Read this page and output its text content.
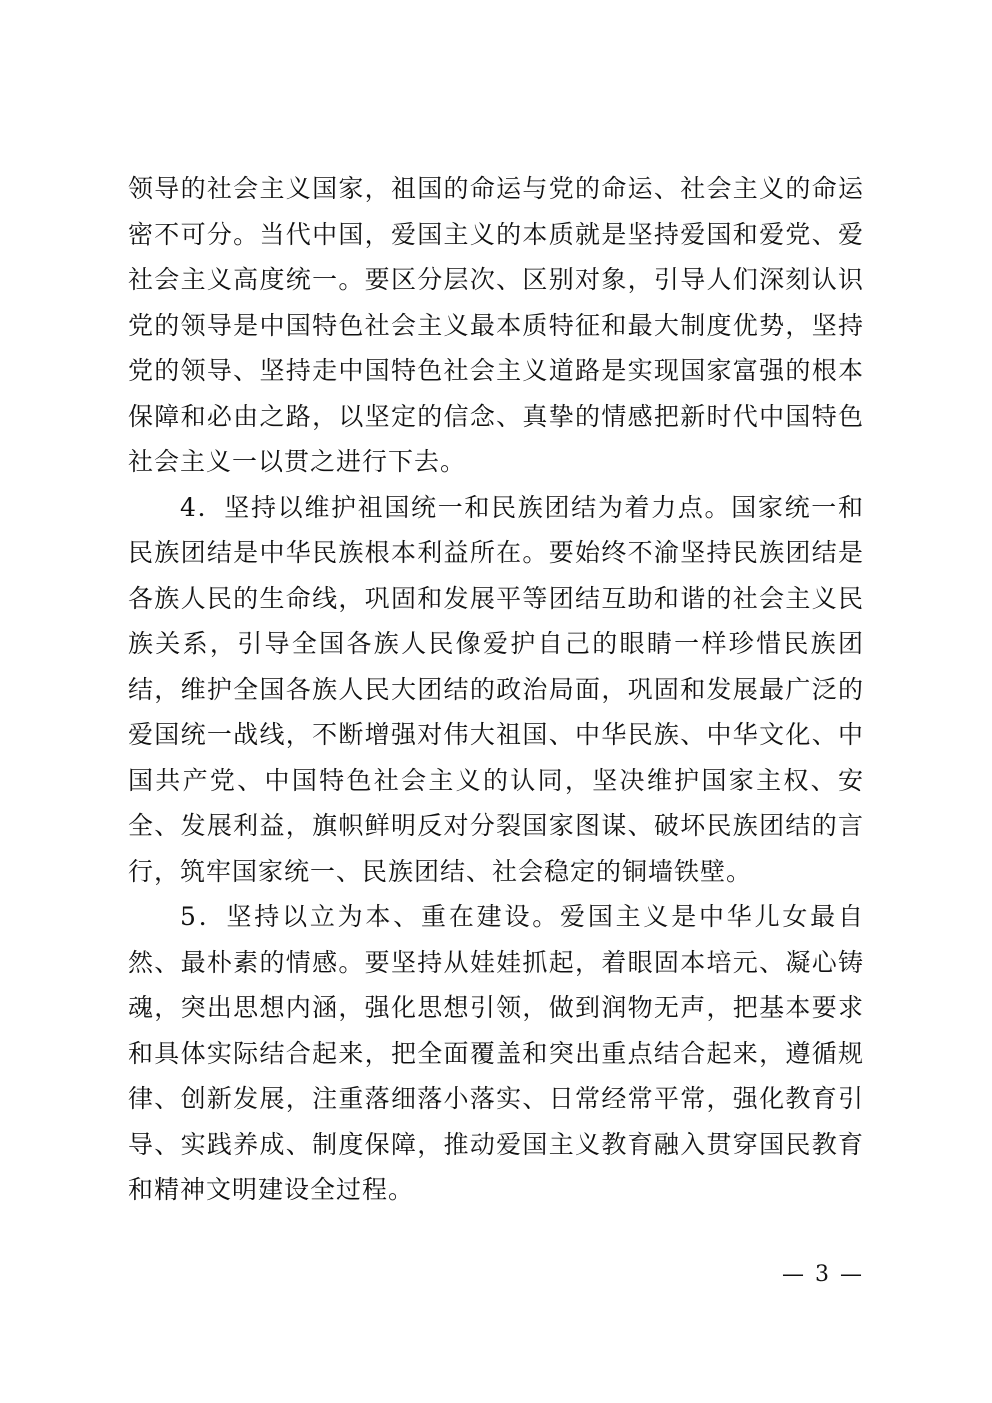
领导的社会主义国家，祖国的命运与党的命运、社会主义的命运密不可分。当代中国，爱国主义的本质就是坚持爱国和爱党、爱社会主义高度统一。要区分层次、区别对象，引导人们深刻认识党的领导是中国特色社会主义最本质特征和最大制度优势，坚持党的领导、坚持走中国特色社会主义道路是实现国家富强的根本保障和必由之路，以坚定的信念、真挚的情感把新时代中国特色社会主义一以贯之进行下去。

4．坚持以维护祖国统一和民族团结为着力点。国家统一和民族团结是中华民族根本利益所在。要始终不渝坚持民族团结是各族人民的生命线，巩固和发展平等团结互助和谐的社会主义民族关系，引导全国各族人民像爱护自己的眼睛一样珍惜民族团结，维护全国各族人民大团结的政治局面，巩固和发展最广泛的爱国统一战线，不断增强对伟大祖国、中华民族、中华文化、中国共产党、中国特色社会主义的认同，坚决维护国家主权、安全、发展利益，旗帜鲜明反对分裂国家图谋、破坏民族团结的言行，筑牢国家统一、民族团结、社会稳定的铜墙铁壁。

5．坚持以立为本、重在建设。爱国主义是中华儿女最自然、最朴素的情感。要坚持从娃娃抓起，着眼固本培元、凝心铸魂，突出思想内涵，强化思想引领，做到润物无声，把基本要求和具体实际结合起来，把全面覆盖和突出重点结合起来，遵循规律、创新发展，注重落细落小落实、日常经常平常，强化教育引导、实践养成、制度保障，推动爱国主义教育融入贯穿国民教育和精神文明建设全过程。

— 3 —
